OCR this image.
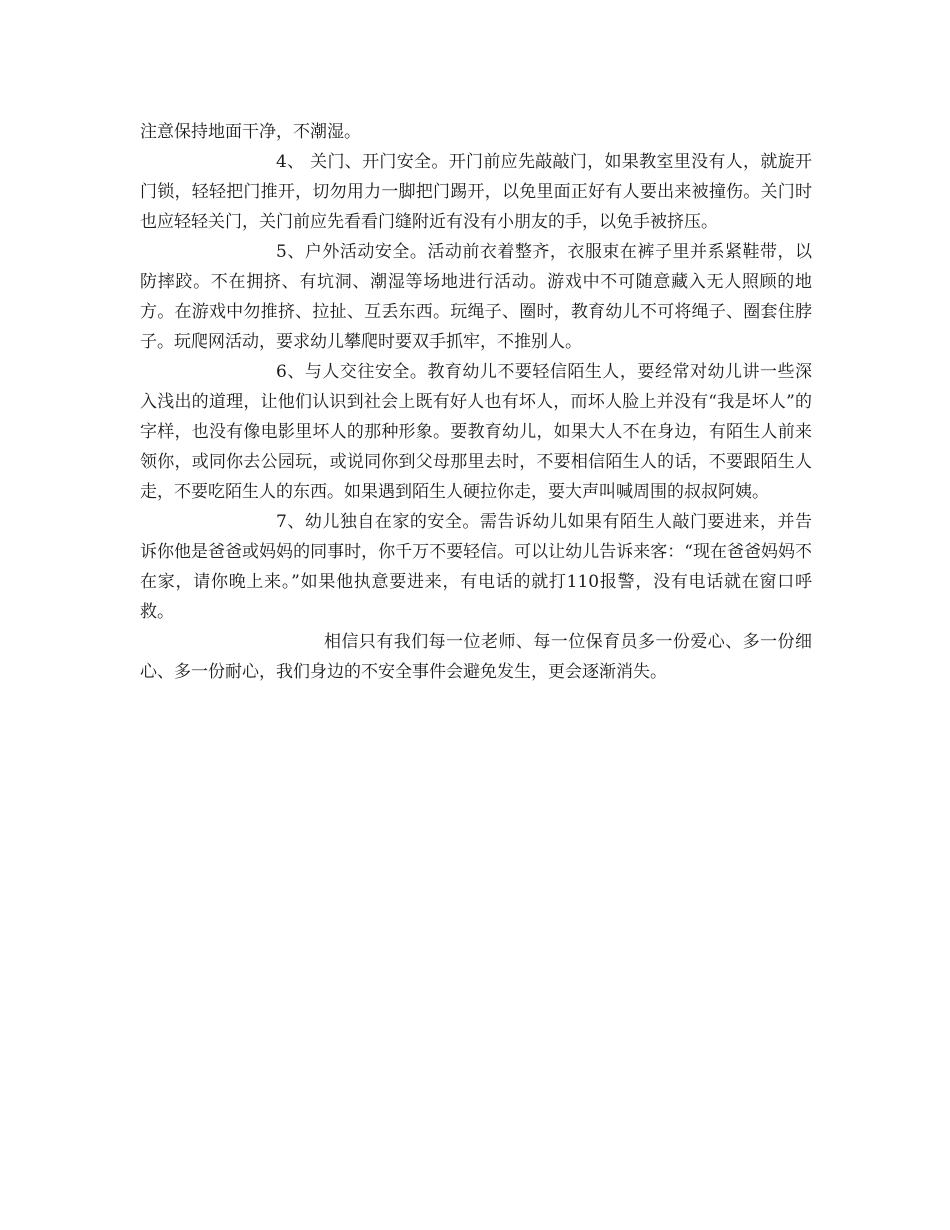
注意保持地面干净，不潮湿。

4、 关门、开门安全。开门前应先敲敲门，如果教室里没有人，就旋开门锁，轻轻把门推开，切勿用力一脚把门踢开，以免里面正好有人要出来被撞伤。关门时也应轻轻关门，关门前应先看看门缝附近有没有小朋友的手，以免手被挤压。

5、户外活动安全。活动前衣着整齐，衣服束在裤子里并系紧鞋带，以防摔跤。不在拥挤、有坑洞、潮湿等场地进行活动。游戏中不可随意藏入无人照顾的地方。在游戏中勿推挤、拉扯、互丢东西。玩绳子、圈时，教育幼儿不可将绳子、圈套住脖子。玩爬网活动，要求幼儿攀爬时要双手抓牢，不推别人。

6、与人交往安全。教育幼儿不要轻信陌生人，要经常对幼儿讲一些深入浅出的道理，让他们认识到社会上既有好人也有坏人，而坏人脸上并没有“我是坏人”的字样，也没有像电影里坏人的那种形象。要教育幼儿，如果大人不在身边，有陌生人前来领你，或同你去公园玩，或说同你到父母那里去时，不要相信陌生人的话，不要跟陌生人走，不要吃陌生人的东西。如果遇到陌生人硬拉你走，要大声叫喊周围的叔叔阿姨。

7、幼儿独自在家的安全。需告诉幼儿如果有陌生人敲门要进来，并告诉你他是爸爸或妈妈的同事时，你千万不要轻信。可以让幼儿告诉来客：“现在爸爸妈妈不在家，请你晚上来。”如果他执意要进来，有电话的就打110报警，没有电话就在窗口呼救。

相信只有我们每一位老师、每一位保育员多一份爱心、多一份细心、多一份耐心，我们身边的不安全事件会避免发生，更会逐渐消失。
